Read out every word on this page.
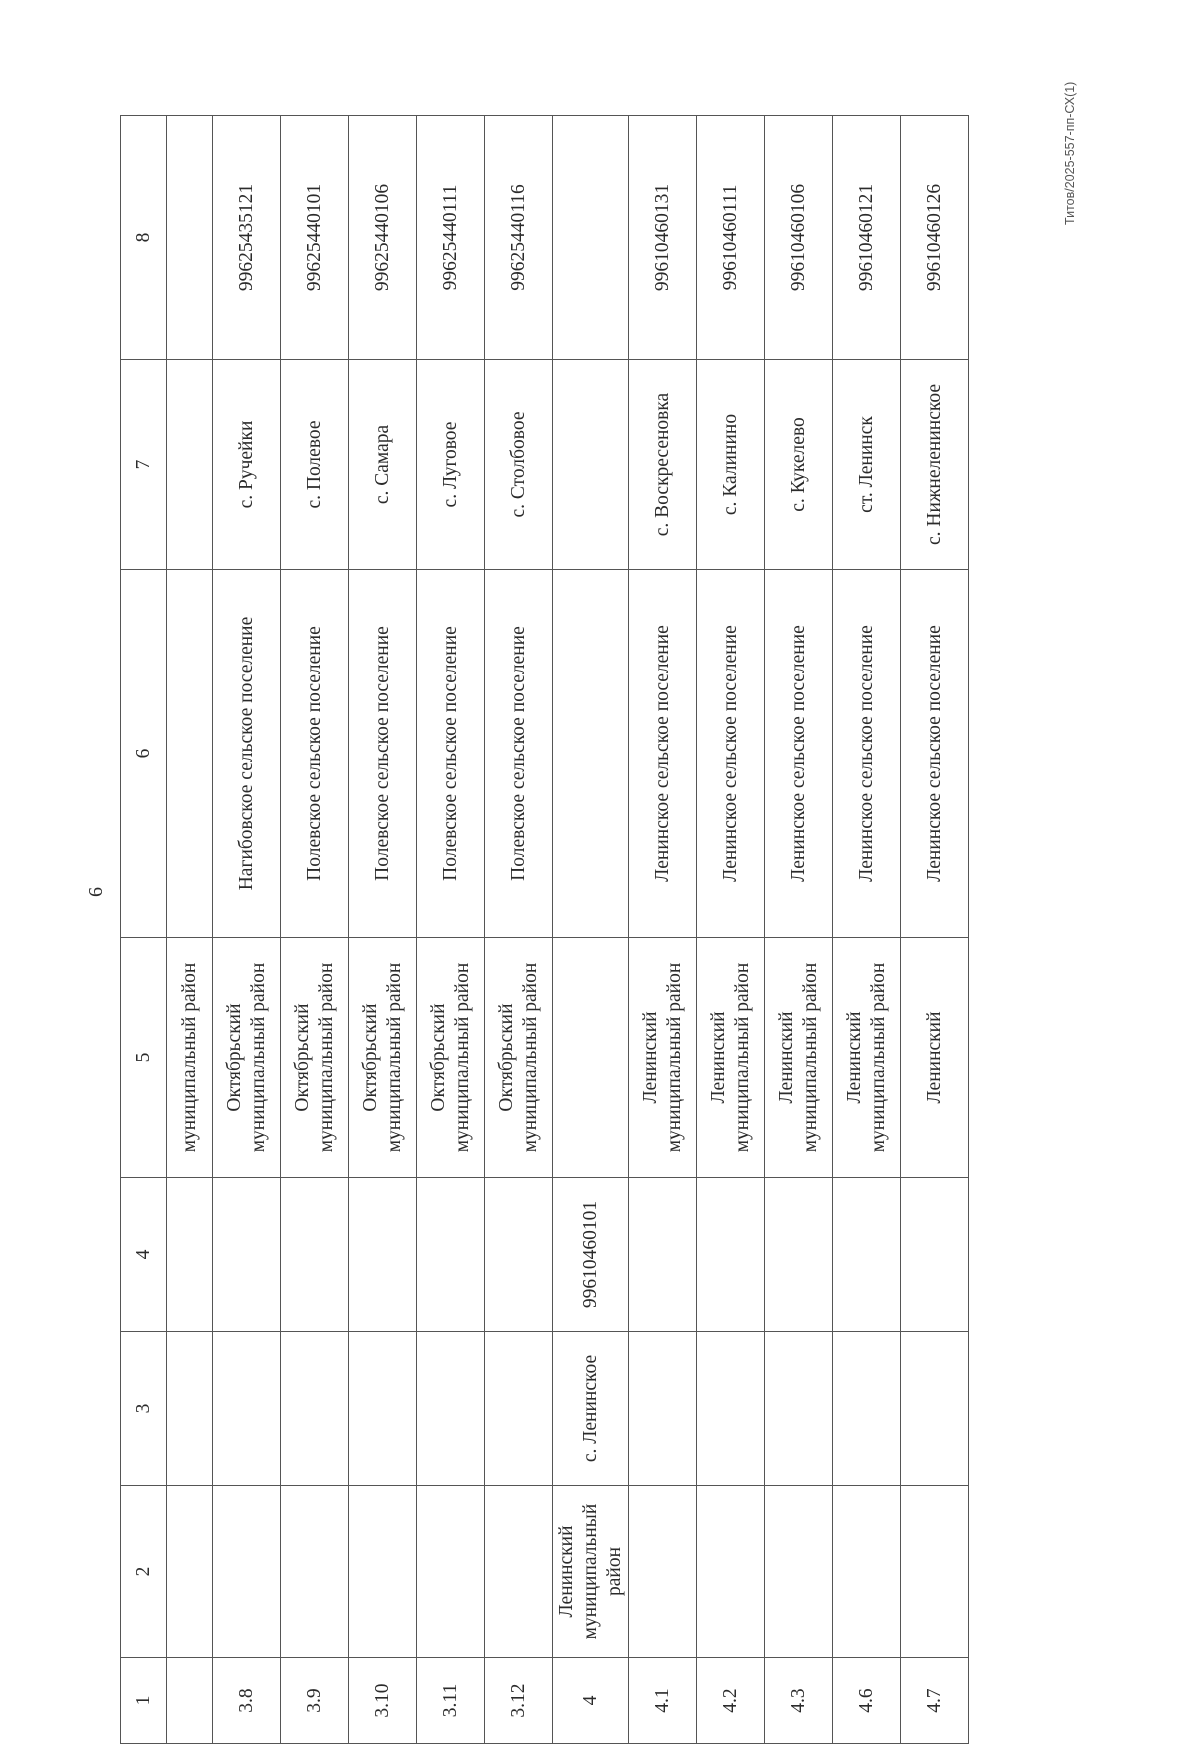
6
Титов/2025-557-пп-СХ(1)
1	2	3	4	5	6	7	8
				муниципальный район			
3.8				Октябрьский муниципальный район	Нагибовское сельское поселение	с. Ручейки	99625435121
3.9				Октябрьский муниципальный район	Полевское сельское поселение	с. Полевое	99625440101
3.10				Октябрьский муниципальный район	Полевское сельское поселение	с. Самара	99625440106
3.11				Октябрьский муниципальный район	Полевское сельское поселение	с. Луговое	99625440111
3.12				Октябрьский муниципальный район	Полевское сельское поселение	с. Столбовое	99625440116
4	Ленинский муниципальный район	с. Ленинское	99610460101				
4.1				Ленинский муниципальный район	Ленинское сельское поселение	с. Воскресеновка	99610460131
4.2				Ленинский муниципальный район	Ленинское сельское поселение	с. Калинино	99610460111
4.3				Ленинский муниципальный район	Ленинское сельское поселение	с. Кукелево	99610460106
4.6				Ленинский муниципальный район	Ленинское сельское поселение	ст. Ленинск	99610460121
4.7				Ленинский	Ленинское сельское поселение	с. Нижнеленинское	99610460126
